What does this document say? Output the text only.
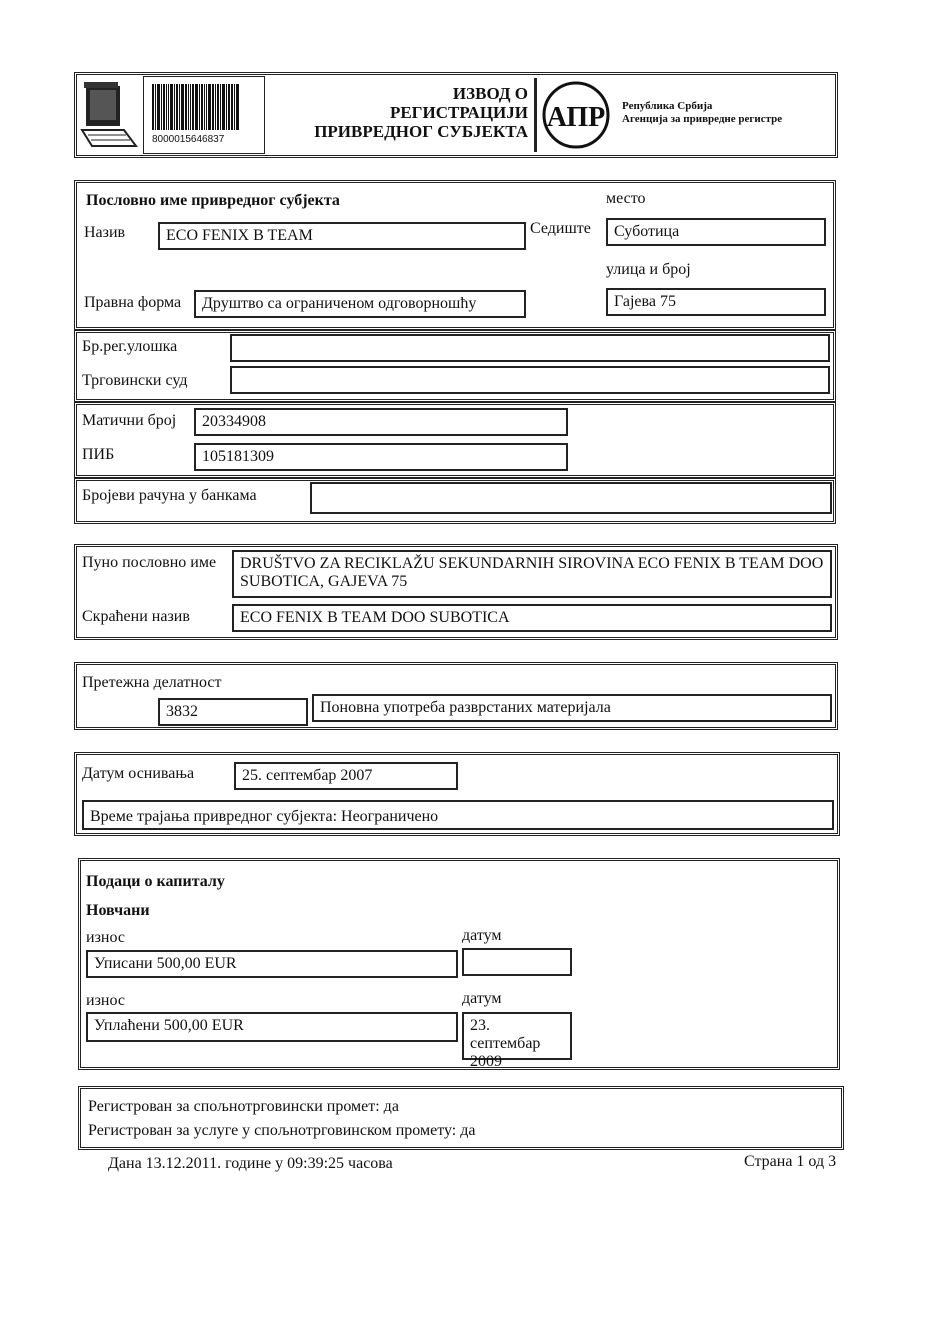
8000015646837
ИЗВОД О
РЕГИСТРАЦИЈИ
ПРИВРЕДНОГ СУБЈЕКТА АПР Република Србија
Агенција за привредне регистре
Пословно име привредног субјекта	место
Назив	ECO FENIX B TEAM	Седиште	Суботица
улица и број
Правна форма	Друштво са ограниченом одговорношћу	Гајева 75
Бр.рег.улошка
Трговински суд
Матични број	20334908
ПИБ	105181309
Бројеви рачуна у банкама
Пуно пословно име	DRUŠTVO ZA RECIKLAŽU SEKUNDARNIH SIROVINA ECO FENIX B TEAM DOO SUBOTICA, GAJEVA 75
Скраћени назив	ECO FENIX B TEAM DOO SUBOTICA
Претежна делатност
3832	Поновна употреба разврстаних материјала
Датум оснивања	25. септембар 2007
Време трајања привредног субјекта: Неограничено
Подаци о капиталу
Новчани
износ	датум
Уписани 500,00 EUR
износ	датум
Уплаћени 500,00 EUR	23. септембар 2009
Регистрован за спољнотрговински промет: да
Регистрован за услуге у спољнотрговинском промету: да
Дана 13.12.2011. године у 09:39:25 часова	Страна 1 од 3
